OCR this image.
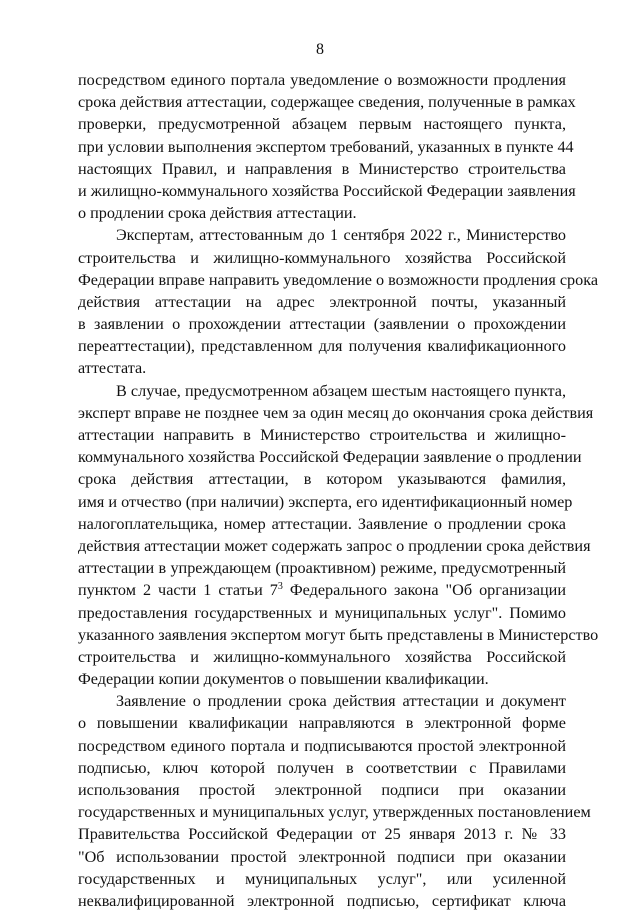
8
посредством единого портала уведомление о возможности продления
срока действия аттестации, содержащее сведения, полученные в рамках
проверки, предусмотренной абзацем первым настоящего пункта,
при условии выполнения экспертом требований, указанных в пункте 44
настоящих Правил, и направления в Министерство строительства
и жилищно-коммунального хозяйства Российской Федерации заявления
о продлении срока действия аттестации.
Экспертам, аттестованным до 1 сентября 2022 г., Министерство
строительства и жилищно-коммунального хозяйства Российской
Федерации вправе направить уведомление о возможности продления срока
действия аттестации на адрес электронной почты, указанный
в заявлении о прохождении аттестации (заявлении о прохождении
переаттестации), представленном для получения квалификационного
аттестата.
В случае, предусмотренном абзацем шестым настоящего пункта,
эксперт вправе не позднее чем за один месяц до окончания срока действия
аттестации направить в Министерство строительства и жилищно-
коммунального хозяйства Российской Федерации заявление о продлении
срока действия аттестации, в котором указываются фамилия,
имя и отчество (при наличии) эксперта, его идентификационный номер
налогоплательщика, номер аттестации. Заявление о продлении срока
действия аттестации может содержать запрос о продлении срока действия
аттестации в упреждающем (проактивном) режиме, предусмотренный
пунктом 2 части 1 статьи $7^3$ Федерального закона "Об организации
предоставления государственных и муниципальных услуг". Помимо
указанного заявления экспертом могут быть представлены в Министерство
строительства и жилищно-коммунального хозяйства Российской
Федерации копии документов о повышении квалификации.
Заявление о продлении срока действия аттестации и документ
о повышении квалификации направляются в электронной форме
посредством единого портала и подписываются простой электронной
подписью, ключ которой получен в соответствии с Правилами
использования простой электронной подписи при оказании
государственных и муниципальных услуг, утвержденных постановлением
Правительства Российской Федерации от 25 января 2013 г. № 33
"Об использовании простой электронной подписи при оказании
государственных и муниципальных услуг", или усиленной
неквалифицированной электронной подписью, сертификат ключа
